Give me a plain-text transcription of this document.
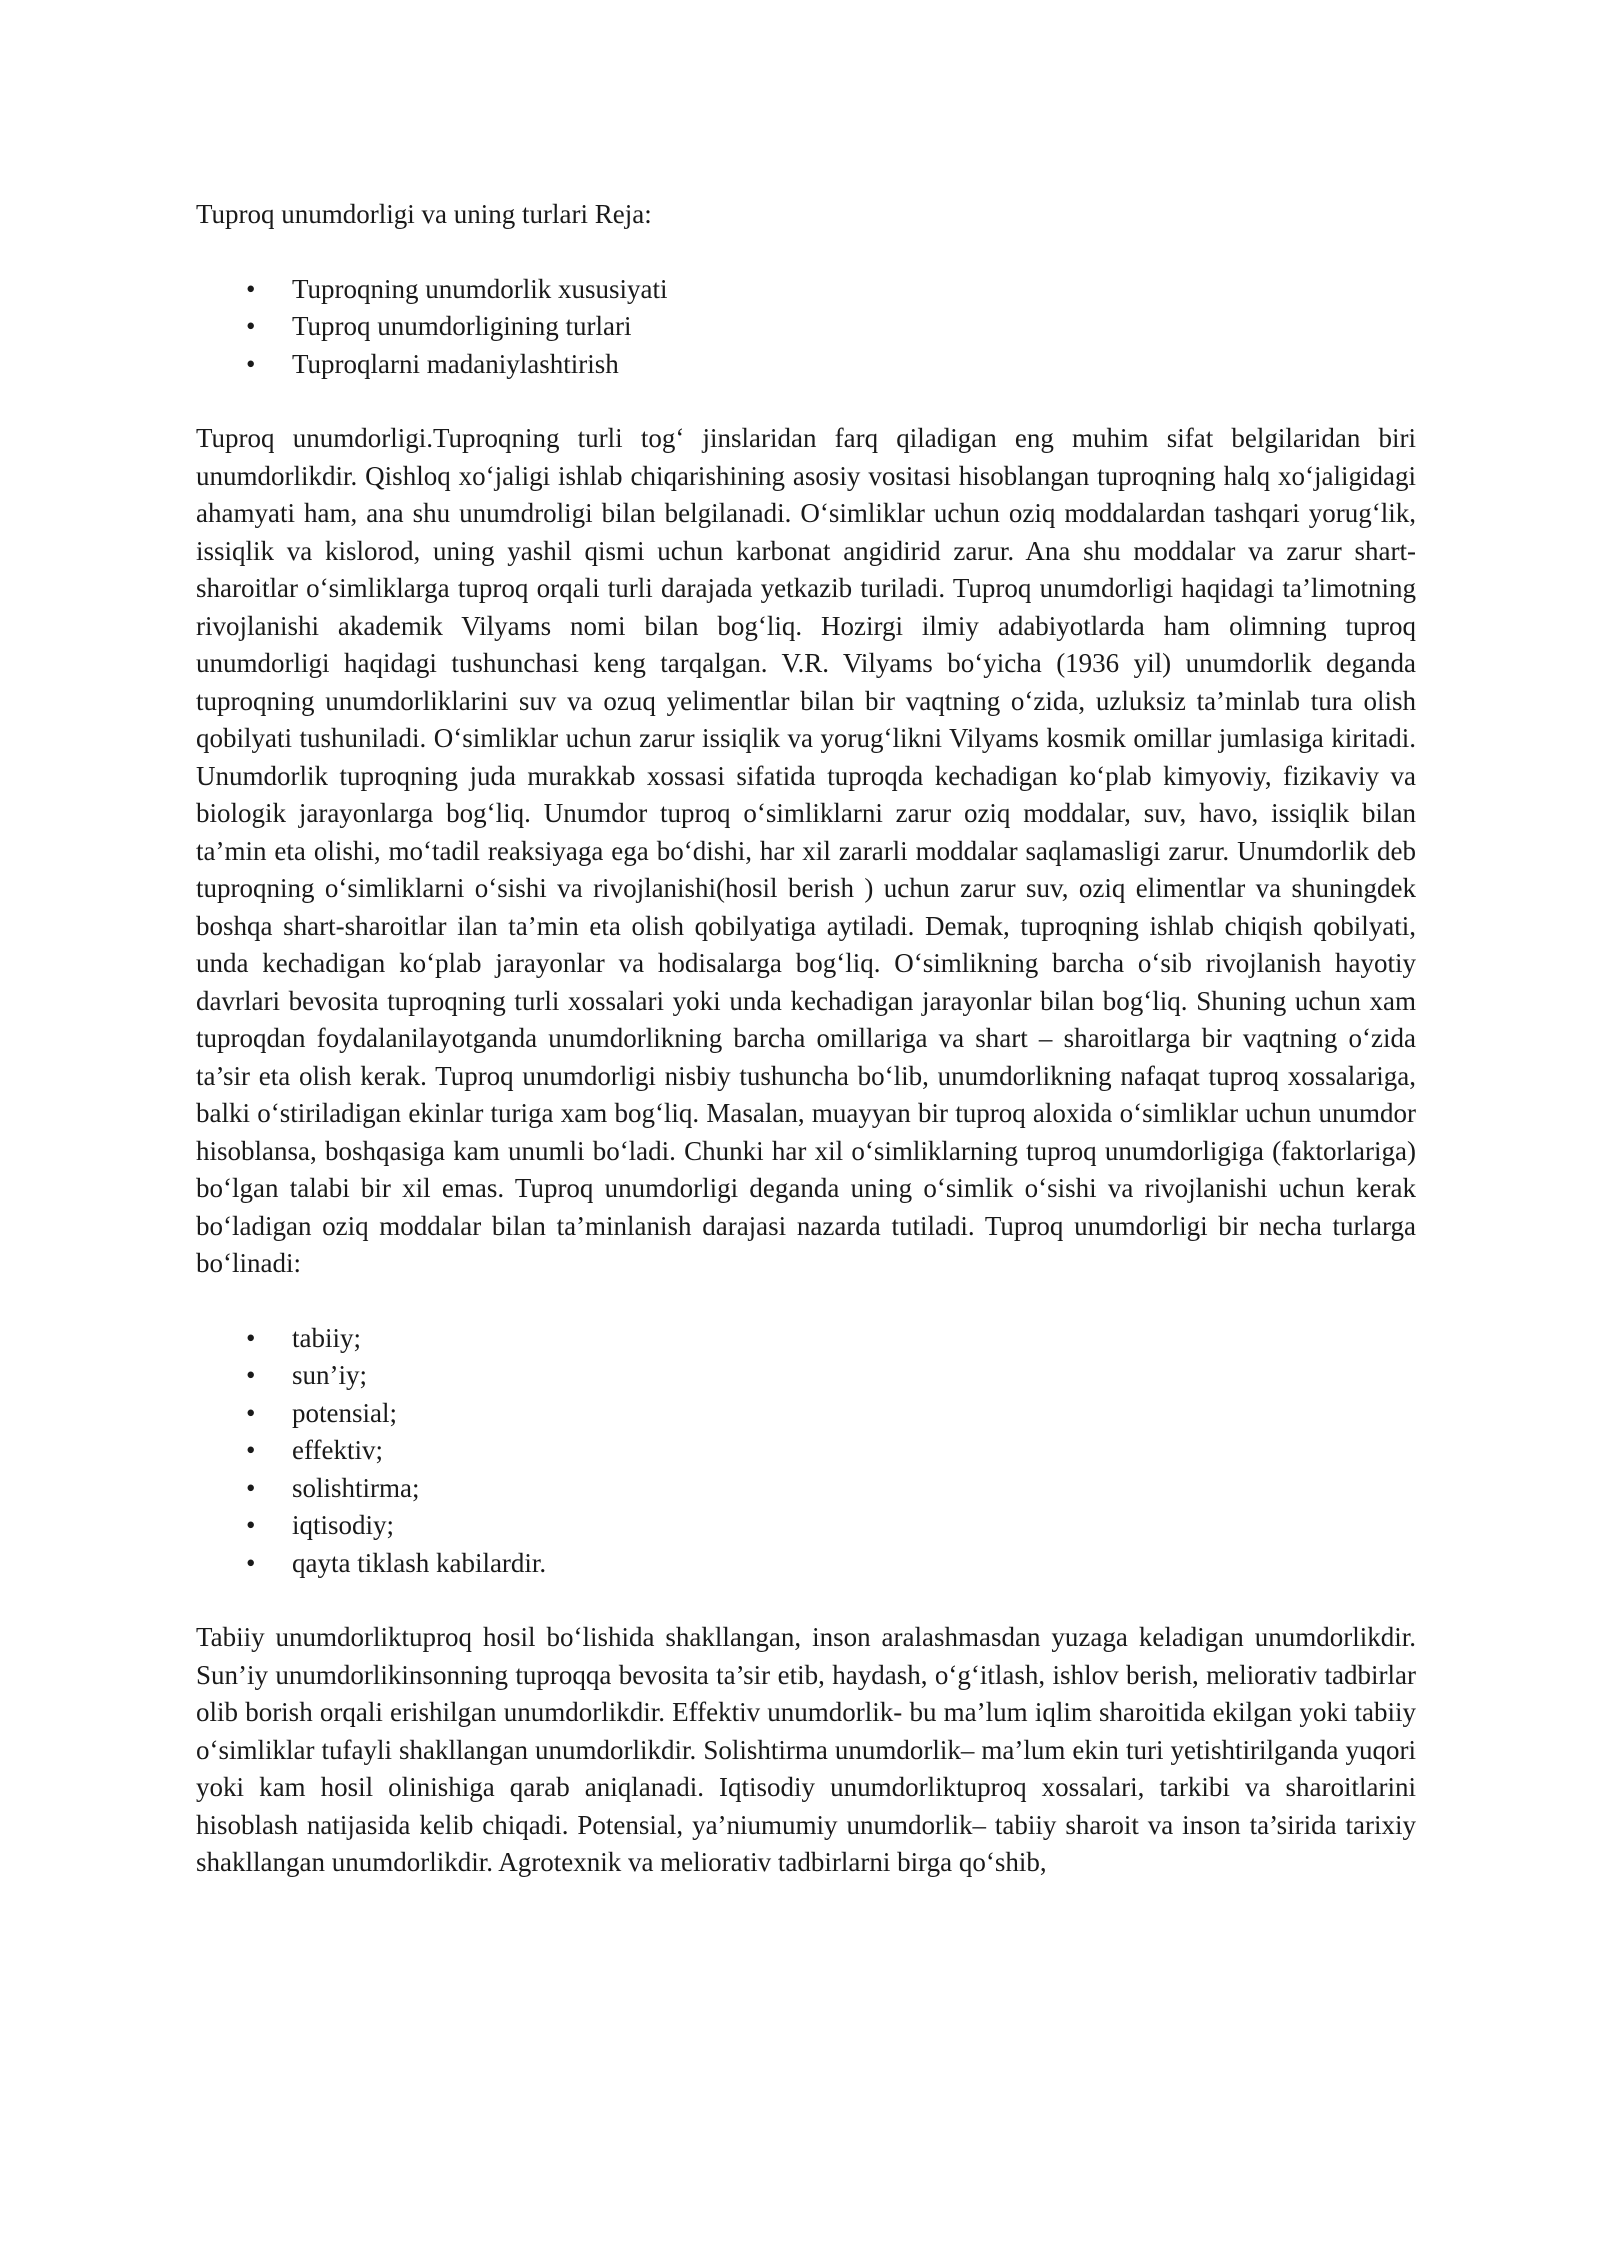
Tuproq unumdorligi va uning turlari Reja:

• Tuproqning unumdorlik xususiyati
• Tuproq unumdorligining turlari
• Tuproqlarni madaniylashtirish

Tuproq unumdorligi.Tuproqning turli tog‘ jinslaridan farq qiladigan eng muhim sifat belgilaridan biri unumdorlikdir. Qishloq xo‘jaligi ishlab chiqarishining asosiy vositasi hisoblangan tuproqning halq xo‘jaligidagi ahamyati ham, ana shu unumdroligi bilan belgilanadi. O‘simliklar uchun oziq moddalardan tashqari yorug‘lik, issiqlik va kislorod, uning yashil qismi uchun karbonat angidirid zarur. Ana shu moddalar va zarur shart- sharoitlar o‘simliklarga tuproq orqali turli darajada yetkazib turiladi. Tuproq unumdorligi haqidagi ta’limotning rivojlanishi akademik Vilyams nomi bilan bog‘liq. Hozirgi ilmiy adabiyotlarda ham olimning tuproq unumdorligi haqidagi tushunchasi keng tarqalgan. V.R. Vilyams bo‘yicha (1936 yil) unumdorlik deganda tuproqning unumdorliklarini suv va ozuq yelimentlar bilan bir vaqtning o‘zida, uzluksiz ta’minlab tura olish qobilyati tushuniladi. O‘simliklar uchun zarur issiqlik va yorug‘likni Vilyams kosmik omillar jumlasiga kiritadi. Unumdorlik tuproqning juda murakkab xossasi sifatida tuproqda kechadigan ko‘plab kimyoviy, fizikaviy va biologik jarayonlarga bog‘liq. Unumdor tuproq o‘simliklarni zarur oziq moddalar, suv, havo, issiqlik bilan ta’min eta olishi, mo‘tadil reaksiyaga ega bo‘dishi, har xil zararli moddalar saqlamasligi zarur. Unumdorlik deb tuproqning o‘simliklarni o‘sishi va rivojlanishi(hosil berish ) uchun zarur suv, oziq elimentlar va shuningdek boshqa shart-sharoitlar ilan ta’min eta olish qobilyatiga aytiladi. Demak, tuproqning ishlab chiqish qobilyati, unda kechadigan ko‘plab jarayonlar va hodisalarga bog‘liq. O‘simlikning barcha o‘sib rivojlanish hayotiy davrlari bevosita tuproqning turli xossalari yoki unda kechadigan jarayonlar bilan bog‘liq. Shuning uchun xam tuproqdan foydalanilayotganda unumdorlikning barcha omillariga va shart – sharoitlarga bir vaqtning o‘zida ta’sir eta olish kerak. Tuproq unumdorligi nisbiy tushuncha bo‘lib, unumdorlikning nafaqat tuproq xossalariga, balki o‘stiriladigan ekinlar turiga xam bog‘liq. Masalan, muayyan bir tuproq aloxida o‘simliklar uchun unumdor hisoblansa, boshqasiga kam unumli bo‘ladi. Chunki har xil o‘simliklarning tuproq unumdorligiga (faktorlariga) bo‘lgan talabi bir xil emas. Tuproq unumdorligi deganda uning o‘simlik o‘sishi va rivojlanishi uchun kerak bo‘ladigan oziq moddalar bilan ta’minlanish darajasi nazarda tutiladi. Tuproq unumdorligi bir necha turlarga bo‘linadi:

• tabiiy;
• sun’iy;
• potensial;
• effektiv;
• solishtirma;
• iqtisodiy;
• qayta tiklash kabilardir.

Tabiiy unumdorliktuproq hosil bo‘lishida shakllangan, inson aralashmasdan yuzaga keladigan unumdorlikdir. Sun’iy unumdorlikinsonning tuproqqa bevosita ta’sir etib, haydash, o‘g‘itlash, ishlov berish, meliorativ tadbirlar olib borish orqali erishilgan unumdorlikdir. Effektiv unumdorlik- bu ma’lum iqlim sharoitida ekilgan yoki tabiiy o‘simliklar tufayli shakllangan unumdorlikdir. Solishtirma unumdorlik– ma’lum ekin turi yetishtirilganda yuqori yoki kam hosil olinishiga qarab aniqlanadi. Iqtisodiy unumdorliktuproq xossalari, tarkibi va sharoitlarini hisoblash natijasida kelib chiqadi. Potensial, ya’niumumiy unumdorlik– tabiiy sharoit va inson ta’sirida tarixiy shakllangan unumdorlikdir. Agrotexnik va meliorativ tadbirlarni birga qo‘shib,
